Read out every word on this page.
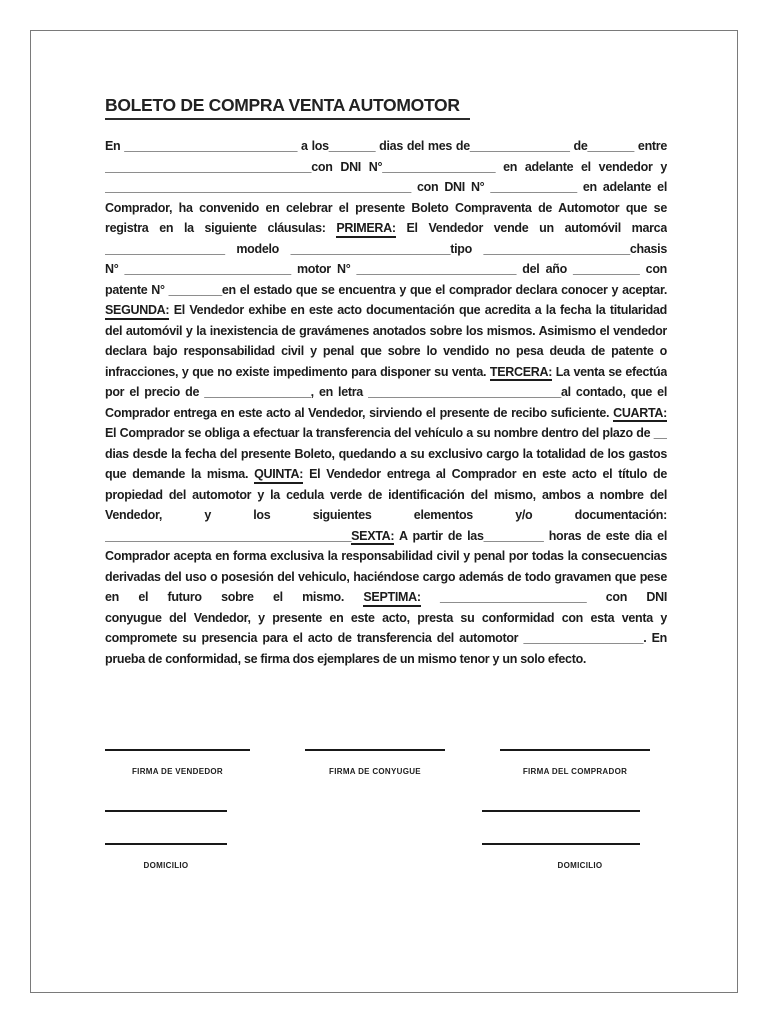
BOLETO DE COMPRA VENTA AUTOMOTOR
En __________________________ a los_______ dias del mes de_______________ de_______ entre
_______________________________con DNI N°_________________ en adelante el vendedor y
______________________________________________ con DNI N° _____________ en adelante el
Comprador, ha convenido en celebrar el presente Boleto Compraventa de Automotor que se
registra en la siguiente cláusulas: PRIMERA: El Vendedor vende un automóvil marca
__________________ modelo ________________________tipo ______________________chasis
N° _________________________ motor N° ________________________ del año __________ con
patente N° ________en el estado que se encuentra y que el comprador declara conocer y aceptar.
SEGUNDA: El Vendedor exhibe en este acto documentación que acredita a la fecha la titularidad
del automóvil y la inexistencia de gravámenes anotados sobre los mismos. Asimismo el vendedor
declara bajo responsabilidad civil y penal que sobre lo vendido no pesa deuda de patente o
infracciones, y que no existe impedimento para disponer su venta. TERCERA: La venta se efectúa
por el precio de ________________, en letra _____________________________al contado, que el
Comprador entrega en este acto al Vendedor, sirviendo el presente de recibo suficiente. CUARTA:
El Comprador se obliga a efectuar la transferencia del vehículo a su nombre dentro del plazo de __
dias desde la fecha del presente Boleto, quedando a su exclusivo cargo la totalidad de los gastos
que demande la misma. QUINTA: El Vendedor entrega al Comprador en este acto el título de
propiedad del automotor y la cedula verde de identificación del mismo, ambos a nombre del
Vendedor, y los siguientes elementos y/o documentación:
_____________________________________SEXTA: A partir de las_________ horas de este dia el
Comprador acepta en forma exclusiva la responsabilidad civil y penal por todas la consecuencias
derivadas del uso o posesión del vehiculo, haciéndose cargo además de todo gravamen que pese
en el futuro sobre el mismo. SEPTIMA: ______________________ con DNI
conyugue del Vendedor, y presente en este acto, presta su conformidad con esta venta y
compromete su presencia para el acto de transferencia del automotor __________________. En
prueba de conformidad, se firma dos ejemplares de un mismo tenor y un solo efecto.
FIRMA DE VENDEDOR
DOMICILIO
FIRMA DE CONYUGUE	FIRMA DEL COMPRADOR
DOMICILIO
